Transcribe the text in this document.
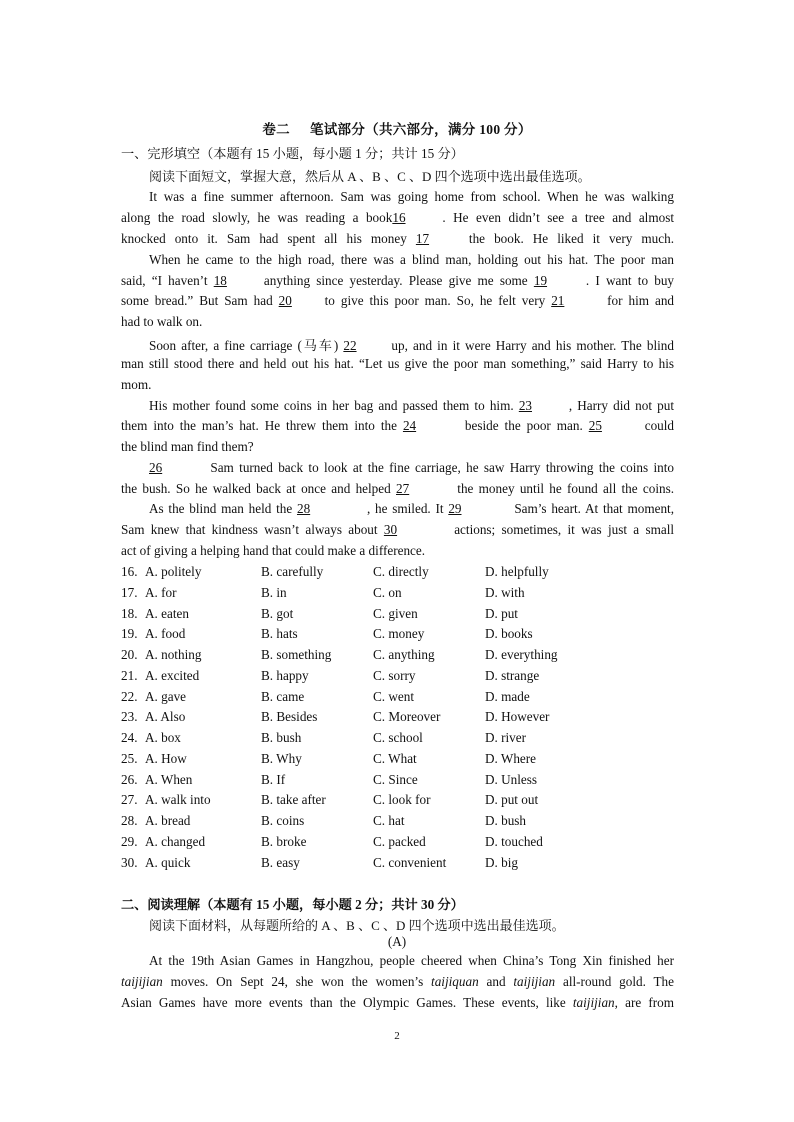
卷二 笔试部分（共六部分，满分 100 分）
一、完形填空（本题有 15 小题，每小题 1 分；共计 15 分）
阅读下面短文，掌握大意，然后从 A 、B 、C 、D 四个选项中选出最佳选项。
It was a fine summer afternoon. Sam was going home from school. When he was walking
along the road slowly, he was reading a book16	. He even didn’t see a tree and almost
knocked onto it. Sam had spent all his money 17	the book. He liked it very much.
When he came to the high road, there was a blind man, holding out his hat. The poor man
said, “I haven’t 18	anything since yesterday. Please give me some 19	. I want to buy
some bread.” But Sam had 20 to give this poor man. So, he felt very 21	for him and
had to walk on.
Soon after, a fine carriage (马车) 22	up, and in it were Harry and his mother. The blind
man still stood there and held out his hat. “Let us give the poor man something,” said Harry to his
mom.
His mother found some coins in her bag and passed them to him. 23	, Harry did not put
them into the man’s hat. He threw them into the 24	beside the poor man. 25	could
the blind man find them?
26	Sam turned back to look at the fine carriage, he saw Harry throwing the coins into
the bush. So he walked back at once and helped 27	the money until he found all the coins.
As the blind man held the 28	, he smiled. It 29	Sam’s heart. At that moment,
Sam knew that kindness wasn’t always about 30	actions; sometimes, it was just a small
act of giving a helping hand that could make a difference.
16. A. politely	B. carefully	C. directly	D. helpfully
17. A. for	B. in	C. on	D. with
18. A. eaten	B. got	C. given	D. put
19. A. food	B. hats	C. money	D. books
20. A. nothing	B. something	C. anything	D. everything
21. A. excited	B. happy	C. sorry	D. strange
22. A. gave	B. came	C. went	D. made
23. A. Also	B. Besides	C. Moreover	D. However
24. A. box	B. bush	C. school	D. river
25. A. How	B. Why	C. What	D. Where
26. A. When	B. If	C. Since	D. Unless
27. A. walk into	B. take after	C. look for	D. put out
28. A. bread	B. coins	C. hat	D. bush
29. A. changed	B. broke	C. packed	D. touched
30. A. quick	B. easy	C. convenient	D. big
二、阅读理解（本题有 15 小题，每小题 2 分；共计 30 分）
阅读下面材料，从每题所给的 A 、B 、C 、D 四个选项中选出最佳选项。
(A)
At the 19th Asian Games in Hangzhou, people cheered when China’s Tong Xin finished her
taijijian moves. On Sept 24, she won the women’s taijiquan and taijijian all-round gold. The
Asian Games have more events than the Olympic Games. These events, like taijijian, are from
2
